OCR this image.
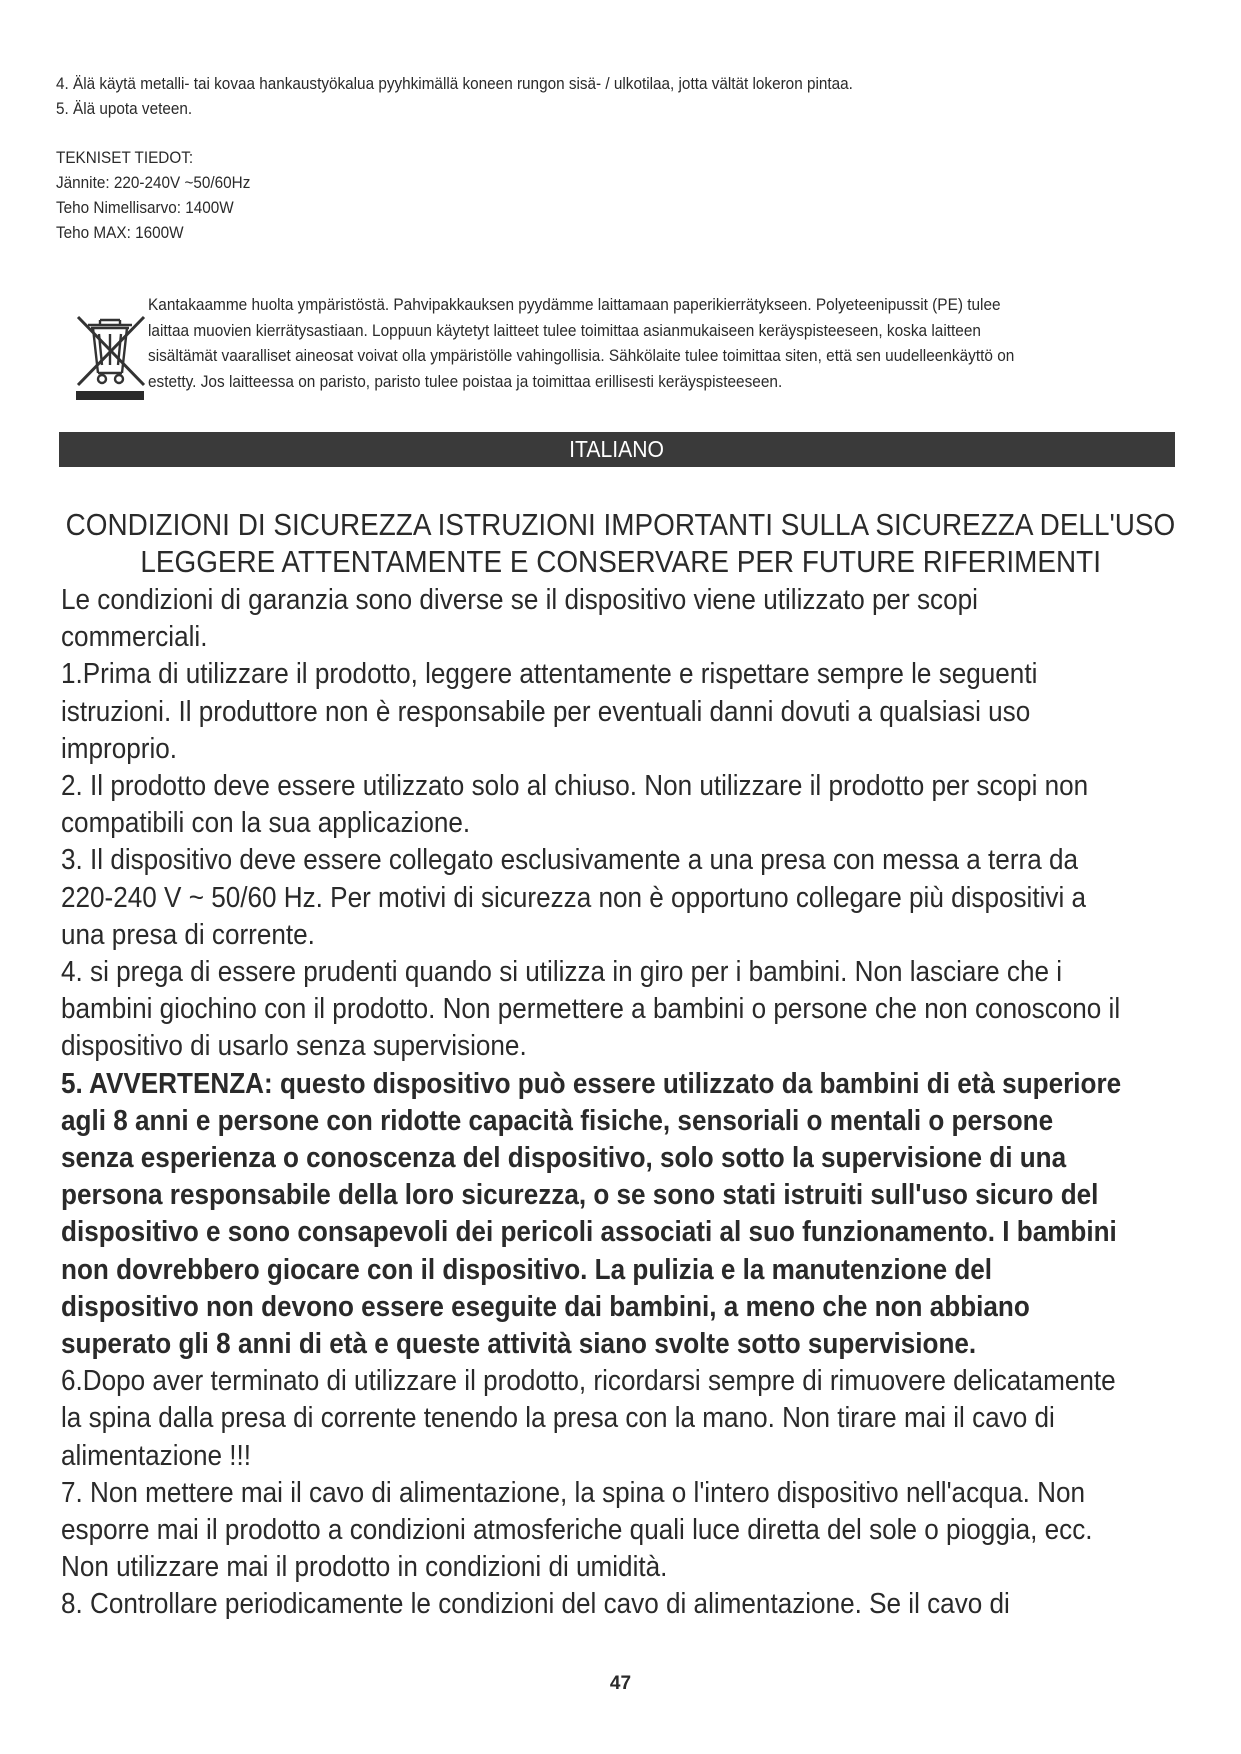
4. Älä käytä metalli- tai kovaa hankaustyökalua pyyhkimällä koneen rungon sisä- / ulkotilaa, jotta vältät lokeron pintaa.

5. Älä upota veteen.

TEKNISET TIEDOT:

Jännite: 220-240V ~50/60Hz

Teho Nimellisarvo: 1400W

Teho MAX: 1600W

Kantakaamme huolta ympäristöstä. Pahvipakkauksen pyydämme laittamaan paperikierrätykseen. Polyeteenipussit (PE) tulee

laittaa muovien kierrätysastiaan. Loppuun käytetyt laitteet tulee toimittaa asianmukaiseen keräyspisteeseen, koska laitteen

sisältämät vaaralliset aineosat voivat olla ympäristölle vahingollisia. Sähkölaite tulee toimittaa siten, että sen uudelleenkäyttö on

estetty. Jos laitteessa on paristo, paristo tulee poistaa ja toimittaa erillisesti keräyspisteeseen.

ITALIANO

CONDIZIONI DI SICUREZZA ISTRUZIONI IMPORTANTI SULLA SICUREZZA DELL'USO

LEGGERE ATTENTAMENTE E CONSERVARE PER FUTURE RIFERIMENTI

Le condizioni di garanzia sono diverse se il dispositivo viene utilizzato per scopi

commerciali.

1.Prima di utilizzare il prodotto, leggere attentamente e rispettare sempre le seguenti

istruzioni. Il produttore non è responsabile per eventuali danni dovuti a qualsiasi uso

improprio.

2. Il prodotto deve essere utilizzato solo al chiuso. Non utilizzare il prodotto per scopi non

compatibili con la sua applicazione.

3. Il dispositivo deve essere collegato esclusivamente a una presa con messa a terra da

220-240 V ~ 50/60 Hz. Per motivi di sicurezza non è opportuno collegare più dispositivi a

una presa di corrente.

4. si prega di essere prudenti quando si utilizza in giro per i bambini. Non lasciare che i

bambini giochino con il prodotto. Non permettere a bambini o persone che non conoscono il

dispositivo di usarlo senza supervisione.

5. AVVERTENZA: questo dispositivo può essere utilizzato da bambini di età superiore

agli 8 anni e persone con ridotte capacità fisiche, sensoriali o mentali o persone

senza esperienza o conoscenza del dispositivo, solo sotto la supervisione di una

persona responsabile della loro sicurezza, o se sono stati istruiti sull'uso sicuro del

dispositivo e sono consapevoli dei pericoli associati al suo funzionamento. I bambini

non dovrebbero giocare con il dispositivo. La pulizia e la manutenzione del

dispositivo non devono essere eseguite dai bambini, a meno che non abbiano

superato gli 8 anni di età e queste attività siano svolte sotto supervisione.

6.Dopo aver terminato di utilizzare il prodotto, ricordarsi sempre di rimuovere delicatamente

la spina dalla presa di corrente tenendo la presa con la mano. Non tirare mai il cavo di

alimentazione !!!

7. Non mettere mai il cavo di alimentazione, la spina o l'intero dispositivo nell'acqua. Non

esporre mai il prodotto a condizioni atmosferiche quali luce diretta del sole o pioggia, ecc.

Non utilizzare mai il prodotto in condizioni di umidità.

8. Controllare periodicamente le condizioni del cavo di alimentazione. Se il cavo di

47
